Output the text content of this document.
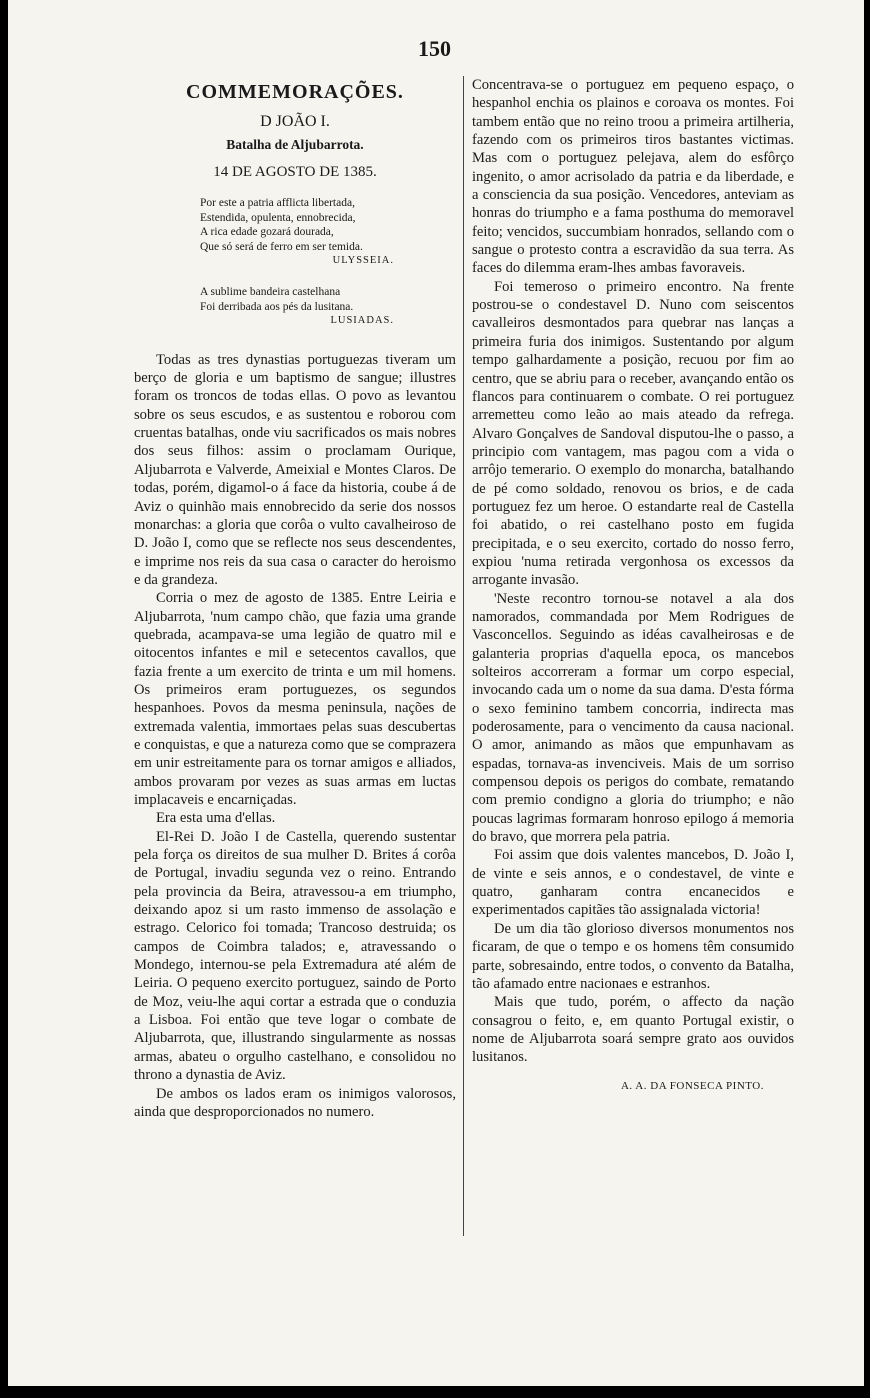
150
COMMEMORAÇÕES.
D JOÃO I.
Batalha de Aljubarrota.
14 DE AGOSTO DE 1385.
Por este a patria afflicta libertada,
Estendida, opulenta, ennobrecida,
A rica edade gozará dourada,
Que só será de ferro em ser temida.
ULYSSEIA.
A sublime bandeira castelhana
Foi derribada aos pés da lusitana.
LUSIADAS.

Todas as tres dynastias portuguezas tiveram um berço de gloria e um baptismo de sangue; illustres foram os troncos de todas ellas. O povo as levantou sobre os seus escudos, e as sustentou e roborou com cruentas batalhas, onde viu sacrificados os mais nobres dos seus filhos: assim o proclamam Ourique, Aljubarrota e Valverde, Ameixial e Montes Claros. De todas, porém, digamol-o á face da historia, coube á de Aviz o quinhão mais ennobrecido da serie dos nossos monarchas: a gloria que corôa o vulto cavalheiroso de D. João I, como que se reflecte nos seus descendentes, e imprime nos reis da sua casa o caracter do heroismo e da grandeza.

Corria o mez de agosto de 1385. Entre Leiria e Aljubarrota, 'num campo chão, que fazia uma grande quebrada, acampava-se uma legião de quatro mil e oitocentos infantes e mil e setecentos cavallos, que fazia frente a um exercito de trinta e um mil homens. Os primeiros eram portuguezes, os segundos hespanhoes. Povos da mesma peninsula, nações de extremada valentia, immortaes pelas suas descubertas e conquistas, e que a natureza como que se comprazera em unir estreitamente para os tornar amigos e alliados, ambos provaram por vezes as suas armas em luctas implacaveis e encarniçadas.

Era esta uma d'ellas.

El-Rei D. João I de Castella, querendo sustentar pela força os direitos de sua mulher D. Brites á corôa de Portugal, invadiu segunda vez o reino. Entrando pela provincia da Beira, atravessou-a em triumpho, deixando apoz si um rasto immenso de assolação e estrago. Celorico foi tomada; Trancoso destruida; os campos de Coimbra talados; e, atravessando o Mondego, internou-se pela Extremadura até além de Leiria. O pequeno exercito portuguez, saindo de Porto de Moz, veiu-lhe aqui cortar a estrada que o conduzia a Lisboa. Foi então que teve logar o combate de Aljubarrota, que, illustrando singularmente as nossas armas, abateu o orgulho castelhano, e consolidou no throno a dynastia de Aviz.

De ambos os lados eram os inimigos valorosos, ainda que desproporcionados no numero.

Concentrava-se o portuguez em pequeno espaço, o hespanhol enchia os plainos e coroava os montes. Foi tambem então que no reino troou a primeira artilheria, fazendo com os primeiros tiros bastantes victimas. Mas com o portuguez pelejava, alem do esfôrço ingenito, o amor acrisolado da patria e da liberdade, e a consciencia da sua posição. Vencedores, anteviam as honras do triumpho e a fama posthuma do memoravel feito; vencidos, succumbiam honrados, sellando com o sangue o protesto contra a escravidão da sua terra. As faces do dilemma eram-lhes ambas favoraveis.

Foi temeroso o primeiro encontro. Na frente postrou-se o condestavel D. Nuno com seiscentos cavalleiros desmontados para quebrar nas lanças a primeira furia dos inimigos. Sustentando por algum tempo galhardamente a posição, recuou por fim ao centro, que se abriu para o receber, avançando então os flancos para continuarem o combate. O rei portuguez arremetteu como leão ao mais ateado da refrega. Alvaro Gonçalves de Sandoval disputou-lhe o passo, a principio com vantagem, mas pagou com a vida o arrôjo temerario. O exemplo do monarcha, batalhando de pé como soldado, renovou os brios, e de cada portuguez fez um heroe. O estandarte real de Castella foi abatido, o rei castelhano posto em fugida precipitada, e o seu exercito, cortado do nosso ferro, expiou 'numa retirada vergonhosa os excessos da arrogante invasão.

'Neste recontro tornou-se notavel a ala dos namorados, commandada por Mem Rodrigues de Vasconcellos. Seguindo as idéas cavalheirosas e de galanteria proprias d'aquella epoca, os mancebos solteiros accorreram a formar um corpo especial, invocando cada um o nome da sua dama. D'esta fórma o sexo feminino tambem concorria, indirecta mas poderosamente, para o vencimento da causa nacional. O amor, animando as mãos que empunhavam as espadas, tornava-as invenciveis. Mais de um sorriso compensou depois os perigos do combate, rematando com premio condigno a gloria do triumpho; e não poucas lagrimas formaram honroso epilogo á memoria do bravo, que morrera pela patria.

Foi assim que dois valentes mancebos, D. João I, de vinte e seis annos, e o condestavel, de vinte e quatro, ganharam contra encanecidos e experimentados capitães tão assignalada victoria!

De um dia tão glorioso diversos monumentos nos ficaram, de que o tempo e os homens têm consumido parte, sobresaindo, entre todos, o convento da Batalha, tão afamado entre nacionaes e estranhos.

Mais que tudo, porém, o affecto da nação consagrou o feito, e, em quanto Portugal existir, o nome de Aljubarrota soará sempre grato aos ouvidos lusitanos.

A. A. DA FONSECA PINTO.
